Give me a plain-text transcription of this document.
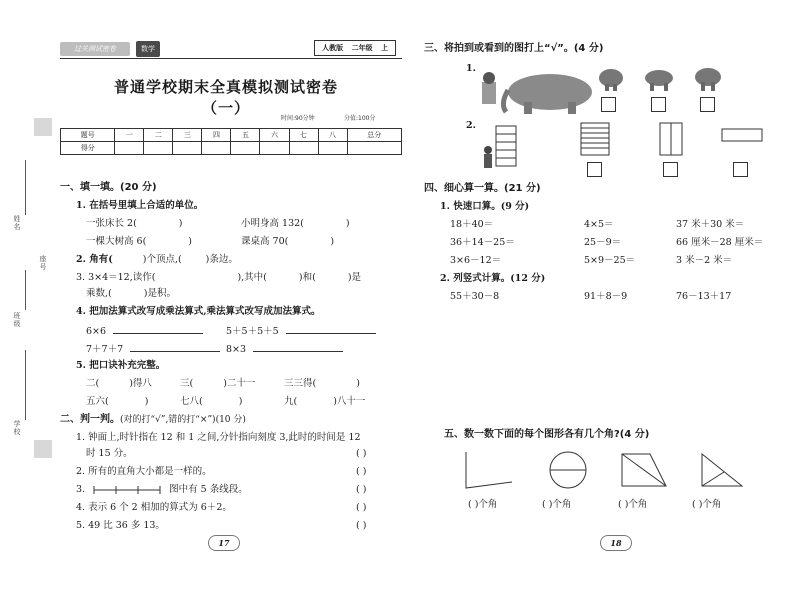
姓名
座号
班级
学校
过关测试密卷	数学	人教版 二年级 上
普通学校期末全真模拟测试密卷（一）
时间:90分钟	分值:100分
题号	一	二	三	四	五	六	七	八	总分
得分									
一、填一填。(20 分)
1. 在括号里填上合适的单位。
一张床长 2(	)	小明身高 132(	)
一棵大树高 6(	)	课桌高 70(	)
2. 角有(	)个顶点,(	)条边。
3. 3×4＝12,读作(	),其中(	)和(	)是
乘数,(	)是积。
4. 把加法算式改写成乘法算式,乘法算式改写成加法算式。
6×6	5＋5＋5＋5
7＋7＋7	8×3
5. 把口诀补充完整。
二(	)得八	三(	)二十一	三三得(	)
五六(	)	七八(	)	九(	)八十一
二、判一判。(对的打“√”,错的打“×”)(10 分)
1. 钟面上,时针指在 12 和 1 之间,分针指向刻度 3,此时的时间是 12
时 15 分。	( )
2. 所有的直角大小都是一样的。	( )
3.	图中有 5 条线段。	( )
4. 表示 6 个 2 相加的算式为 6＋2。	( )
5. 49 比 36 多 13。	( )
17
三、将拍到或看到的图打上“√”。(4 分)
1.
2.
四、细心算一算。(21 分)
1. 快速口算。(9 分)
18＋40＝	4×5＝	37 米＋30 米＝
36＋14－25＝	25－9＝	66 厘米－28 厘米＝
3×6－12＝	5×9－25＝	3 米－2 米＝
2. 列竖式计算。(12 分)
55＋30－8	91＋8－9	76－13＋17
五、数一数下面的每个图形各有几个角?(4 分)
( )个角	( )个角	( )个角	( )个角
18
